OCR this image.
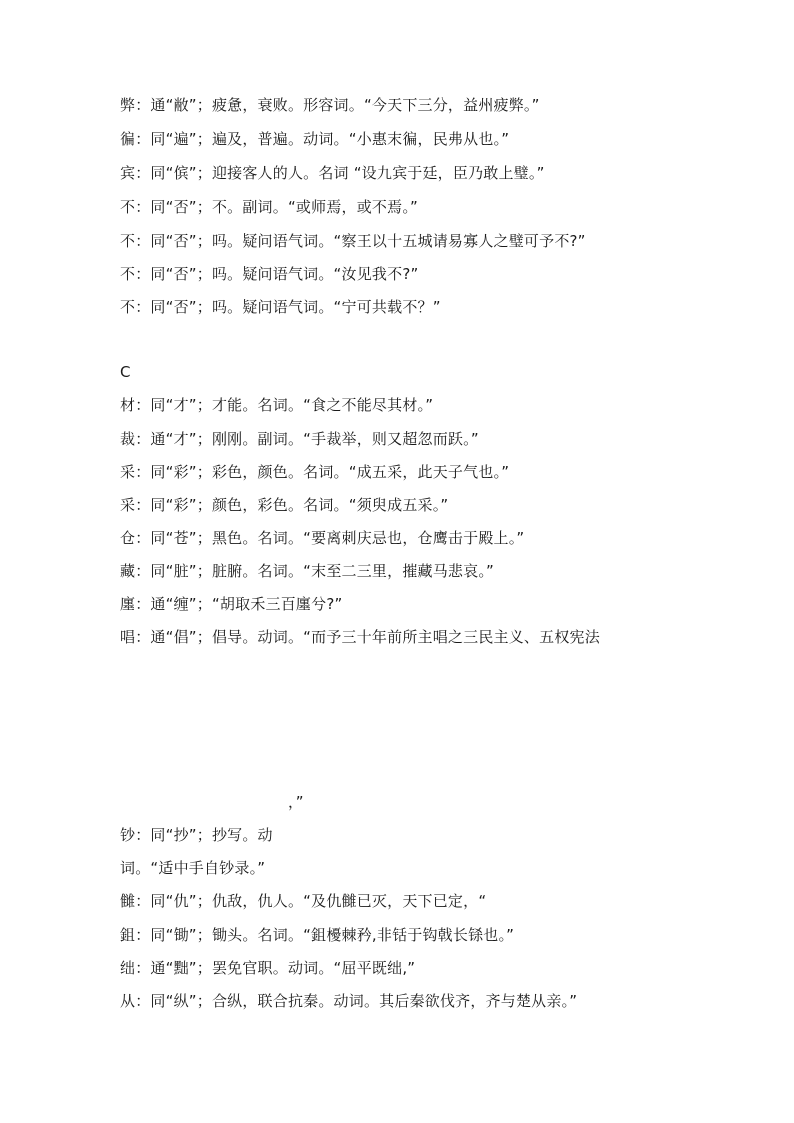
弊：通“敝”；疲惫，衰败。形容词。“今天下三分，益州疲弊。”
徧：同“遍”；遍及，普遍。动词。“小惠末徧，民弗从也。”
宾：同“傧”；迎接客人的人。名词 “设九宾于廷，臣乃敢上璧。”
不：同“否”；不。副词。“或师焉，或不焉。”
不：同“否”；吗。疑问语气词。“察王以十五城请易寡人之璧可予不?”
不：同“否”；吗。疑问语气词。“汝见我不?”
不：同“否”；吗。疑问语气词。“宁可共载不？”
C
材：同“才”；才能。名词。“食之不能尽其材。”
裁：通“才”；刚刚。副词。“手裁举，则又超忽而跃。”
采：同“彩”；彩色，颜色。名词。“成五采，此天子气也。”
采：同“彩”；颜色，彩色。名词。“须臾成五采。”
仓：同“苍”；黑色。名词。“要离刺庆忌也，仓鹰击于殿上。”
藏：同“脏”；脏腑。名词。“末至二三里，摧藏马悲哀。”
廛：通“缠”；“胡取禾三百廛兮?”
唱：通“倡”；倡导。动词。“而予三十年前所主唱之三民主义、五权宪法
，”
钞：同“抄”；抄写。动
词。“适中手自钞录。”
雠：同“仇”；仇敌，仇人。“及仇雠已灭，天下已定，“
鉏：同“锄”；锄头。名词。“鉏櫌棘矜,非铦于钩戟长铩也。”
绌：通“黜”；罢免官职。动词。“屈平既绌,”
从：同“纵”；合纵，联合抗秦。动词。其后秦欲伐齐，齐与楚从亲。”
